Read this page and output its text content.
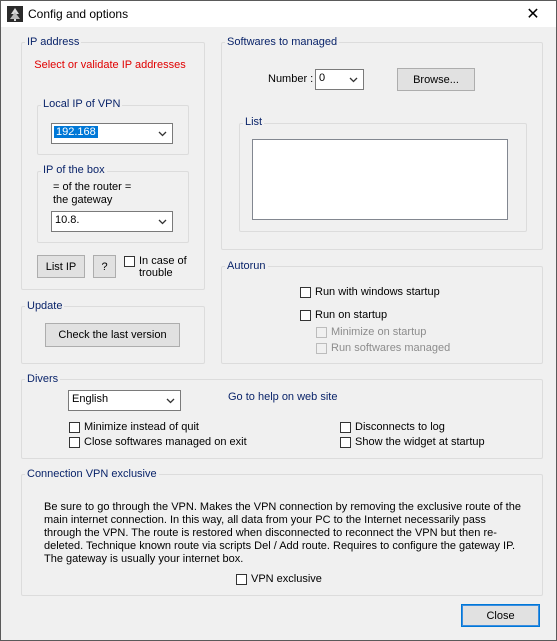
Config and options	✕
IP address
Select or validate IP addresses
Local IP of VPN
192.168
IP of the box
= of the router =
the gateway
10.8.
List IP	?	In case of
trouble
Softwares to managed
Number : 0	Browse...
List
Update
Check the last version
Autorun
Run with windows startup
Run on startup
Minimize on startup
Run softwares managed
Divers
English	Go to help on web site
Minimize instead of quit
Close softwares managed on exit
Disconnects to log
Show the widget at startup
Connection VPN exclusive
Be sure to go through the VPN. Makes the VPN connection by removing the exclusive route of the main internet connection. In this way, all data from your PC to the Internet necessarily pass through the VPN. The route is restored when disconnected to reconnect the VPN but then re-deleted. Technique known route via scripts Del / Add route. Requires to configure the gateway IP. The gateway is usually your internet box.
VPN exclusive
Close
